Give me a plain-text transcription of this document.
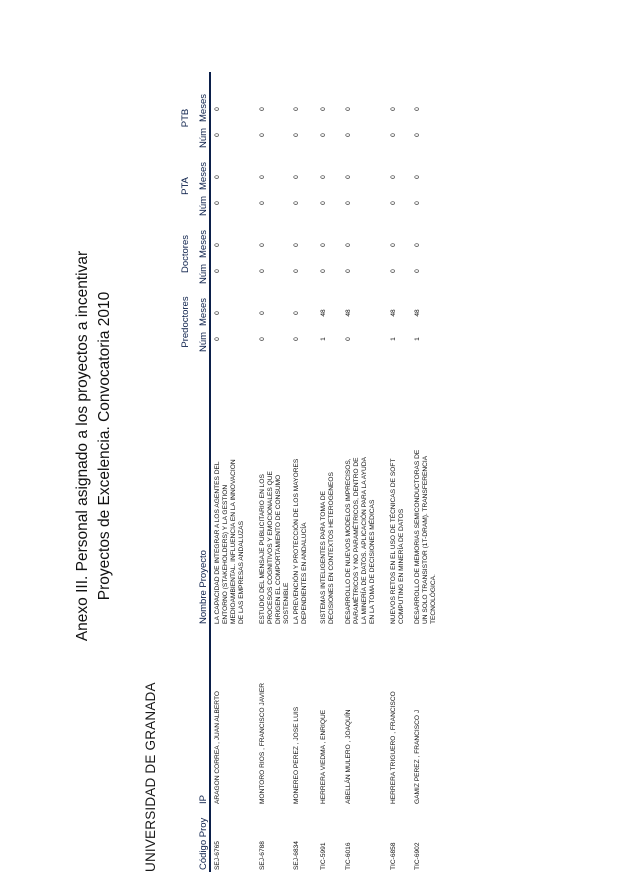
Anexo III. Personal asignado a los proyectos a incentivar Proyectos de Excelencia. Convocatoria 2010
UNIVERSIDAD DE GRANADA	Código Proy
IP
Nombre Proyecto
Predoctores
Doctores
PTA
PTB
Núm
Meses
Núm
Meses
Núm
Meses
Núm
Meses
SEJ-6765
ARAGON CORREA , JUAN ALBERTO
LA CAPACIDAD DE INTEGRAR A LOS AGENTES DEL ENTORNO (STAKEHOLDERS) Y LA GESTION MEDIOAMBIENTAL. INFLUENCIA EN LA INNOVACION DE LAS EMPRESAS ANDALUZAS
0
0
0
0
0
0
0
0
SEJ-6788
MONTORO RIOS , FRANCISCO JAVIER
ESTUDIO DEL MENSAJE PUBLICITARIO EN LOS PROCESOS COGNITIVOS Y EMOCIONALES QUE DIRIGEN EL COMPORTAMIENTO DE CONSUMO SOSTENIBLE
0
0
0
0
0
0
0
0
SEJ-6834
MONEREO PEREZ , JOSE LUIS
LA PREVENCIÓN Y PROTECCIÓN DE LOS MAYORES DEPENDIENTES EN ANDALUCÍA
0
0
0
0
0
0
0
0
TIC-5991
HERRERA VIEDMA , ENRIQUE
SISTEMAS INTELIGENTES PARA TOMA DE DECISIONES EN CONTEXTOS HETEROGENEOS
1
48
0
0
0
0
0
0
TIC-6016
ABELLÁN MULERO , JOAQUÍN
DESARROLLO DE NUEVOS MODELOS IMPRECISOS, PARAMÉTRICOS Y NO PARAMÉTRICOS, DENTRO DE LA MINERÍA DE DATOS. APLICACIÓN PARA LA AYUDA EN LA TOMA DE DECISIONES MÉDICAS
0
48
0
0
0
0
0
0
TIC-6858
HERRERA TRIGUERO , FRANCISCO
NUEVOS RETOS EN EL USO DE TÉCNICAS DE SOFT COMPUTING EN MINERÍA DE DATOS
1
48
0
0
0
0
0
0
TIC-6902
GAMIZ PEREZ , FRANCISCO J
DESARROLLO DE MEMORIAS SEMICONDUCTORAS DE UN SOLO TRANSISTOR (1T-DRAM). TRANSFERENCIA TECNOLÓGICA.
1
48
0
0
0
0
0
0
